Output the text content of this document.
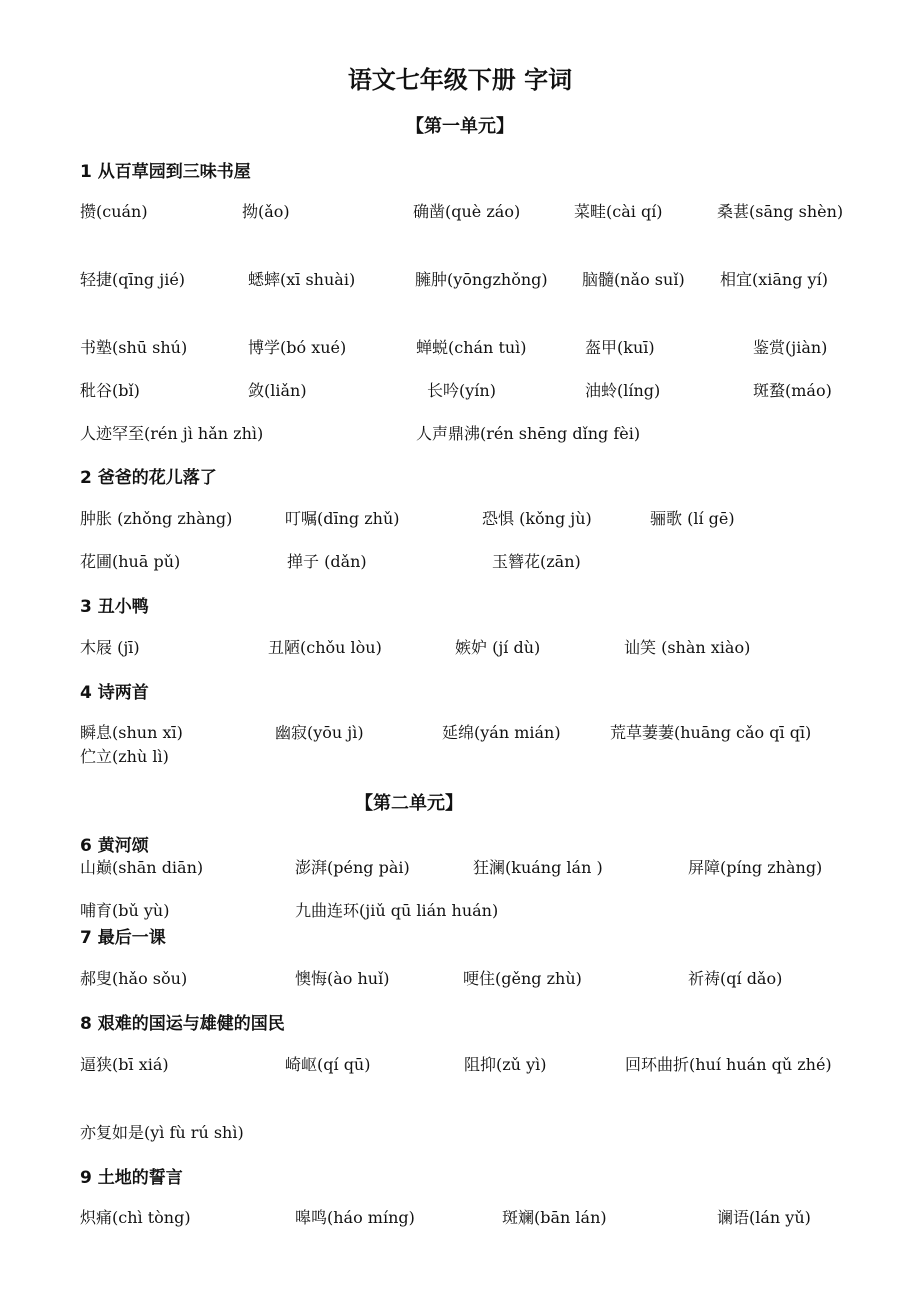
语文七年级下册 字词
【第一单元】
1 从百草园到三味书屋
攒(cuán)	拗(ǎo)	确凿(què záo)	菜畦(cài qí)	桑葚(sāng shèn)
轻捷(qīng jié)	蟋蟀(xī shuài)	臃肿(yōngzhǒng) 脑髓(nǎo suǐ) 相宜(xiāng yí)
书塾(shū shú)	博学(bó xué)	蝉蜕(chán tuì)	盔甲(kuī)	鉴赏(jiàn)
秕谷(bǐ)	敛(liǎn)	长吟(yín)	油蛉(líng)	斑蝥(máo)
人迹罕至(rén jì hǎn zhì)	人声鼎沸(rén shēng dǐng fèi)
2 爸爸的花儿落了
肿胀 (zhǒng zhàng)	叮嘱(dīng zhǔ)	恐惧 (kǒng jù)	骊歌 (lí gē)
花圃(huā pǔ)	掸子 (dǎn)	玉簪花(zān)
3 丑小鸭
木屐 (jī)	丑陋(chǒu lòu)	嫉妒 (jí dù)	讪笑 (shàn xiào)
4 诗两首
瞬息(shun xī)	幽寂(yōu jì)	延绵(yán mián)	荒草萋萋(huāng cǎo qī qī)
伫立(zhù lì)
【第二单元】
6 黄河颂
山巅(shān diān)	澎湃(péng pài)	狂澜(kuáng lán )	屏障(píng zhàng)
哺育(bǔ yù)	九曲连环(jiǔ qū lián huán)
7 最后一课
郝叟(hǎo sǒu)	懊悔(ào huǐ)	哽住(gěng zhù)	祈祷(qí dǎo)
8 艰难的国运与雄健的国民
逼狭(bī xiá)	崎岖(qí qū)	阻抑(zǔ yì)	回环曲折(huí huán qǔ zhé)
亦复如是(yì fù rú shì)
9 土地的誓言
炽痛(chì tòng)	嗥鸣(háo míng)	斑斓(bān lán)	谰语(lán yǔ)
